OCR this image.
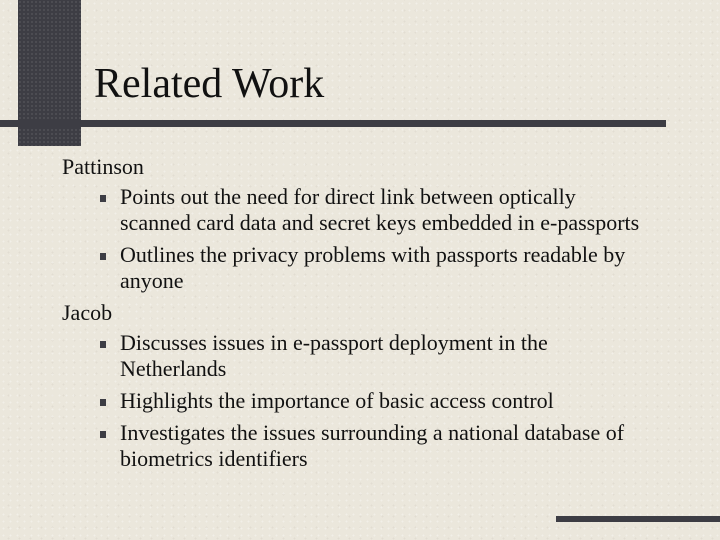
Related Work
Pattinson
Points out the need for direct link between optically scanned card data and secret keys embedded in e-passports
Outlines the privacy problems with passports readable by anyone
Jacob
Discusses issues in e-passport deployment in the Netherlands
Highlights the importance of basic access control
Investigates the issues surrounding a national database of biometrics identifiers
